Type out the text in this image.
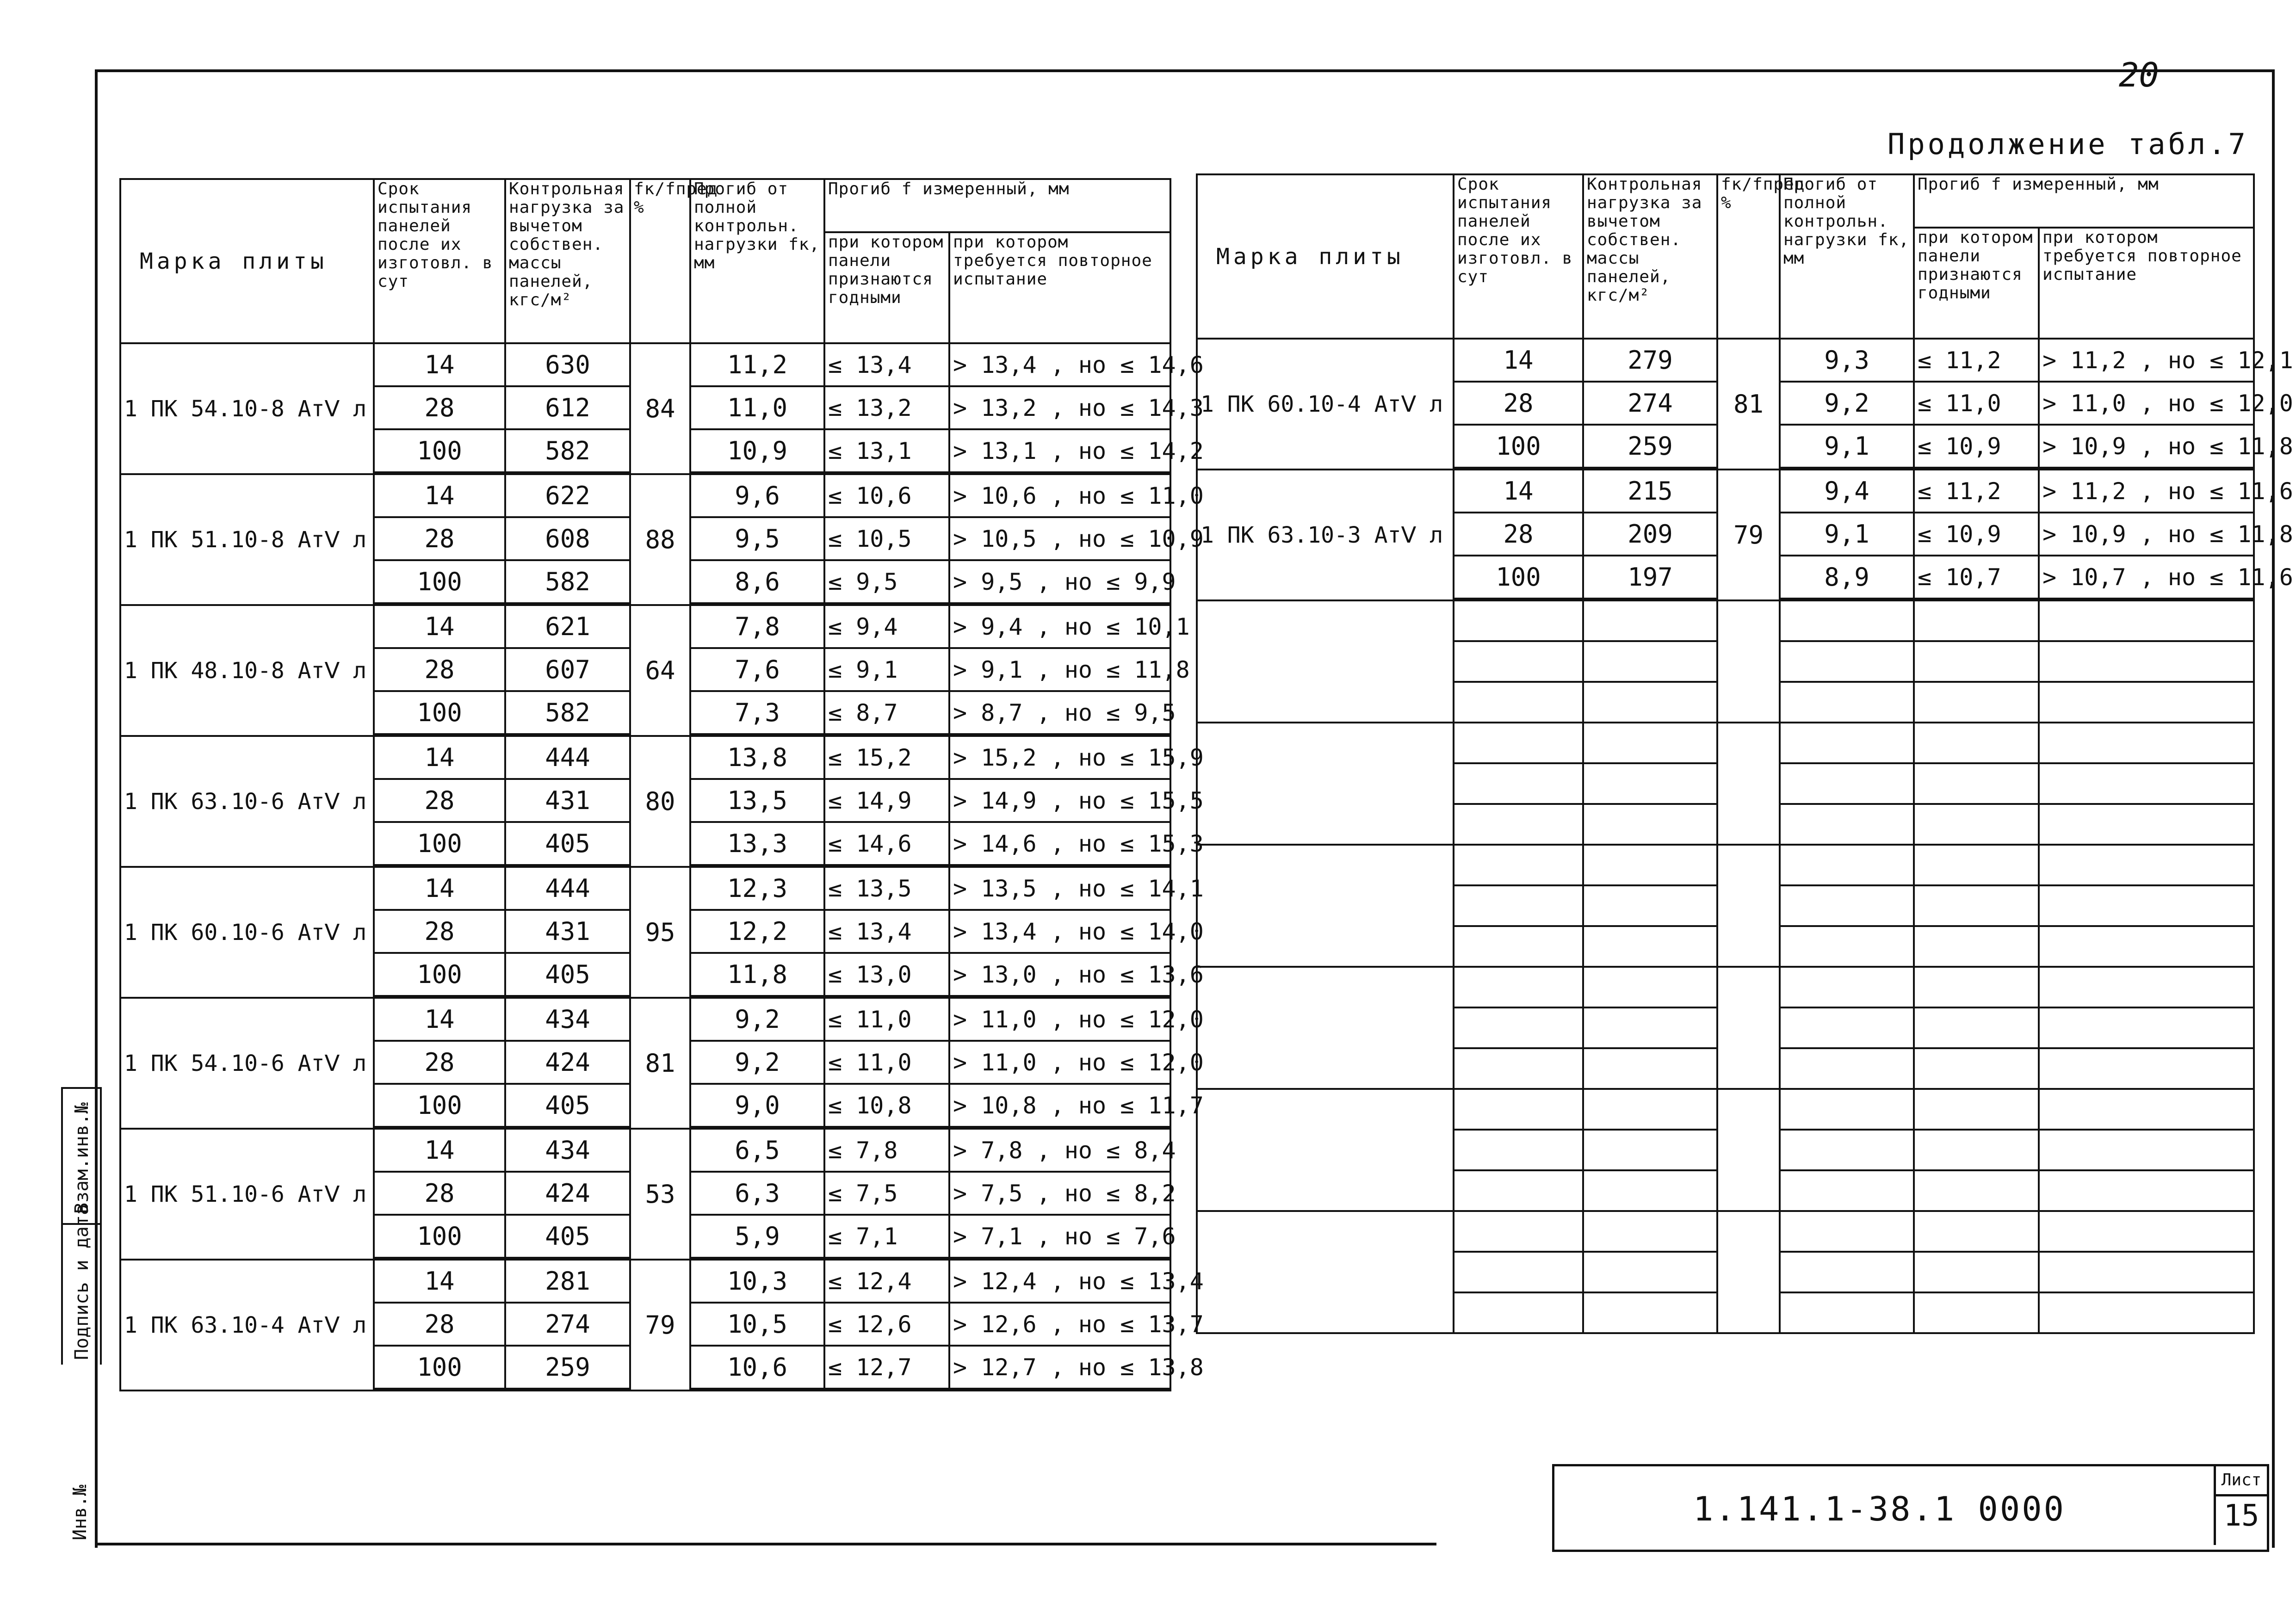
20
Продолжение табл.7
Марка плиты	Срок испытания панелей после их изготовл. в сут	Контрольная нагрузка за вычетом собствен. массы панелей, кгс/м²	fк/fпред %	Прогиб от полной контрольн. нагрузки fк, мм	Прогиб f измеренный, мм	
					при котором панели признаются годными	при котором требуется повторное испытание
1 ПК 54.10-8 АтⅤ л	14	630	84	11,2	≤ 13,4	> 13,4 , но ≤ 14,6
	28	612		11,0	≤ 13,2	> 13,2 , но ≤ 14,3
	100	582		10,9	≤ 13,1	> 13,1 , но ≤ 14,2

1 ПК 51.10-8 АтⅤ л	14	622	88	9,6	≤ 10,6	> 10,6 , но ≤ 11,0
	28	608		9,5	≤ 10,5	> 10,5 , но ≤ 10,9
	100	582		8,6	≤ 9,5	> 9,5 , но ≤ 9,9

1 ПК 48.10-8 АтⅤ л	14	621	64	7,8	≤ 9,4	> 9,4 , но ≤ 10,1
	28	607		7,6	≤ 9,1	> 9,1 , но ≤ 11,8
	100	582		7,3	≤ 8,7	> 8,7 , но ≤ 9,5

1 ПК 63.10-6 АтⅤ л	14	444	80	13,8	≤ 15,2	> 15,2 , но ≤ 15,9
	28	431		13,5	≤ 14,9	> 14,9 , но ≤ 15,5
	100	405		13,3	≤ 14,6	> 14,6 , но ≤ 15,3

1 ПК 60.10-6 АтⅤ л	14	444	95	12,3	≤ 13,5	> 13,5 , но ≤ 14,1
	28	431		12,2	≤ 13,4	> 13,4 , но ≤ 14,0
	100	405		11,8	≤ 13,0	> 13,0 , но ≤ 13,6

1 ПК 54.10-6 АтⅤ л	14	434	81	9,2	≤ 11,0	> 11,0 , но ≤ 12,0
	28	424		9,2	≤ 11,0	> 11,0 , но ≤ 12,0
	100	405		9,0	≤ 10,8	> 10,8 , но ≤ 11,7

1 ПК 51.10-6 АтⅤ л	14	434	53	6,5	≤ 7,8	> 7,8 , но ≤ 8,4
	28	424		6,3	≤ 7,5	> 7,5 , но ≤ 8,2
	100	405		5,9	≤ 7,1	> 7,1 , но ≤ 7,6

1 ПК 63.10-4 АтⅤ л	14	281	79	10,3	≤ 12,4	> 12,4 , но ≤ 13,4
	28	274		10,5	≤ 12,6	> 12,6 , но ≤ 13,7
	100	259		10,6	≤ 12,7	> 12,7 , но ≤ 13,8

Марка плиты	Срок испытания панелей после их изготовл. в сут	Контрольная нагрузка за вычетом собствен. массы панелей, кгс/м²	fк/fпред %	Прогиб от полной контрольн. нагрузки fк, мм	Прогиб f измеренный, мм	
					при котором панели признаются годными	при котором требуется повторное испытание
1 ПК 60.10-4 АтⅤ л	14	279	81	9,3	≤ 11,2	> 11,2 , но ≤ 12,1
	28	274		9,2	≤ 11,0	> 11,0 , но ≤ 12,0
	100	259		9,1	≤ 10,9	> 10,9 , но ≤ 11,8

1 ПК 63.10-3 АтⅤ л	14	215	79	9,4	≤ 11,2	> 11,2 , но ≤ 11,6
	28	209		9,1	≤ 10,9	> 10,9 , но ≤ 11,8
	100	197		8,9	≤ 10,7	> 10,7 , но ≤ 11,6

Взам.инв.№
Подпись и дата
Инв.№	1.141.1-38.1 0000
Лист
15
